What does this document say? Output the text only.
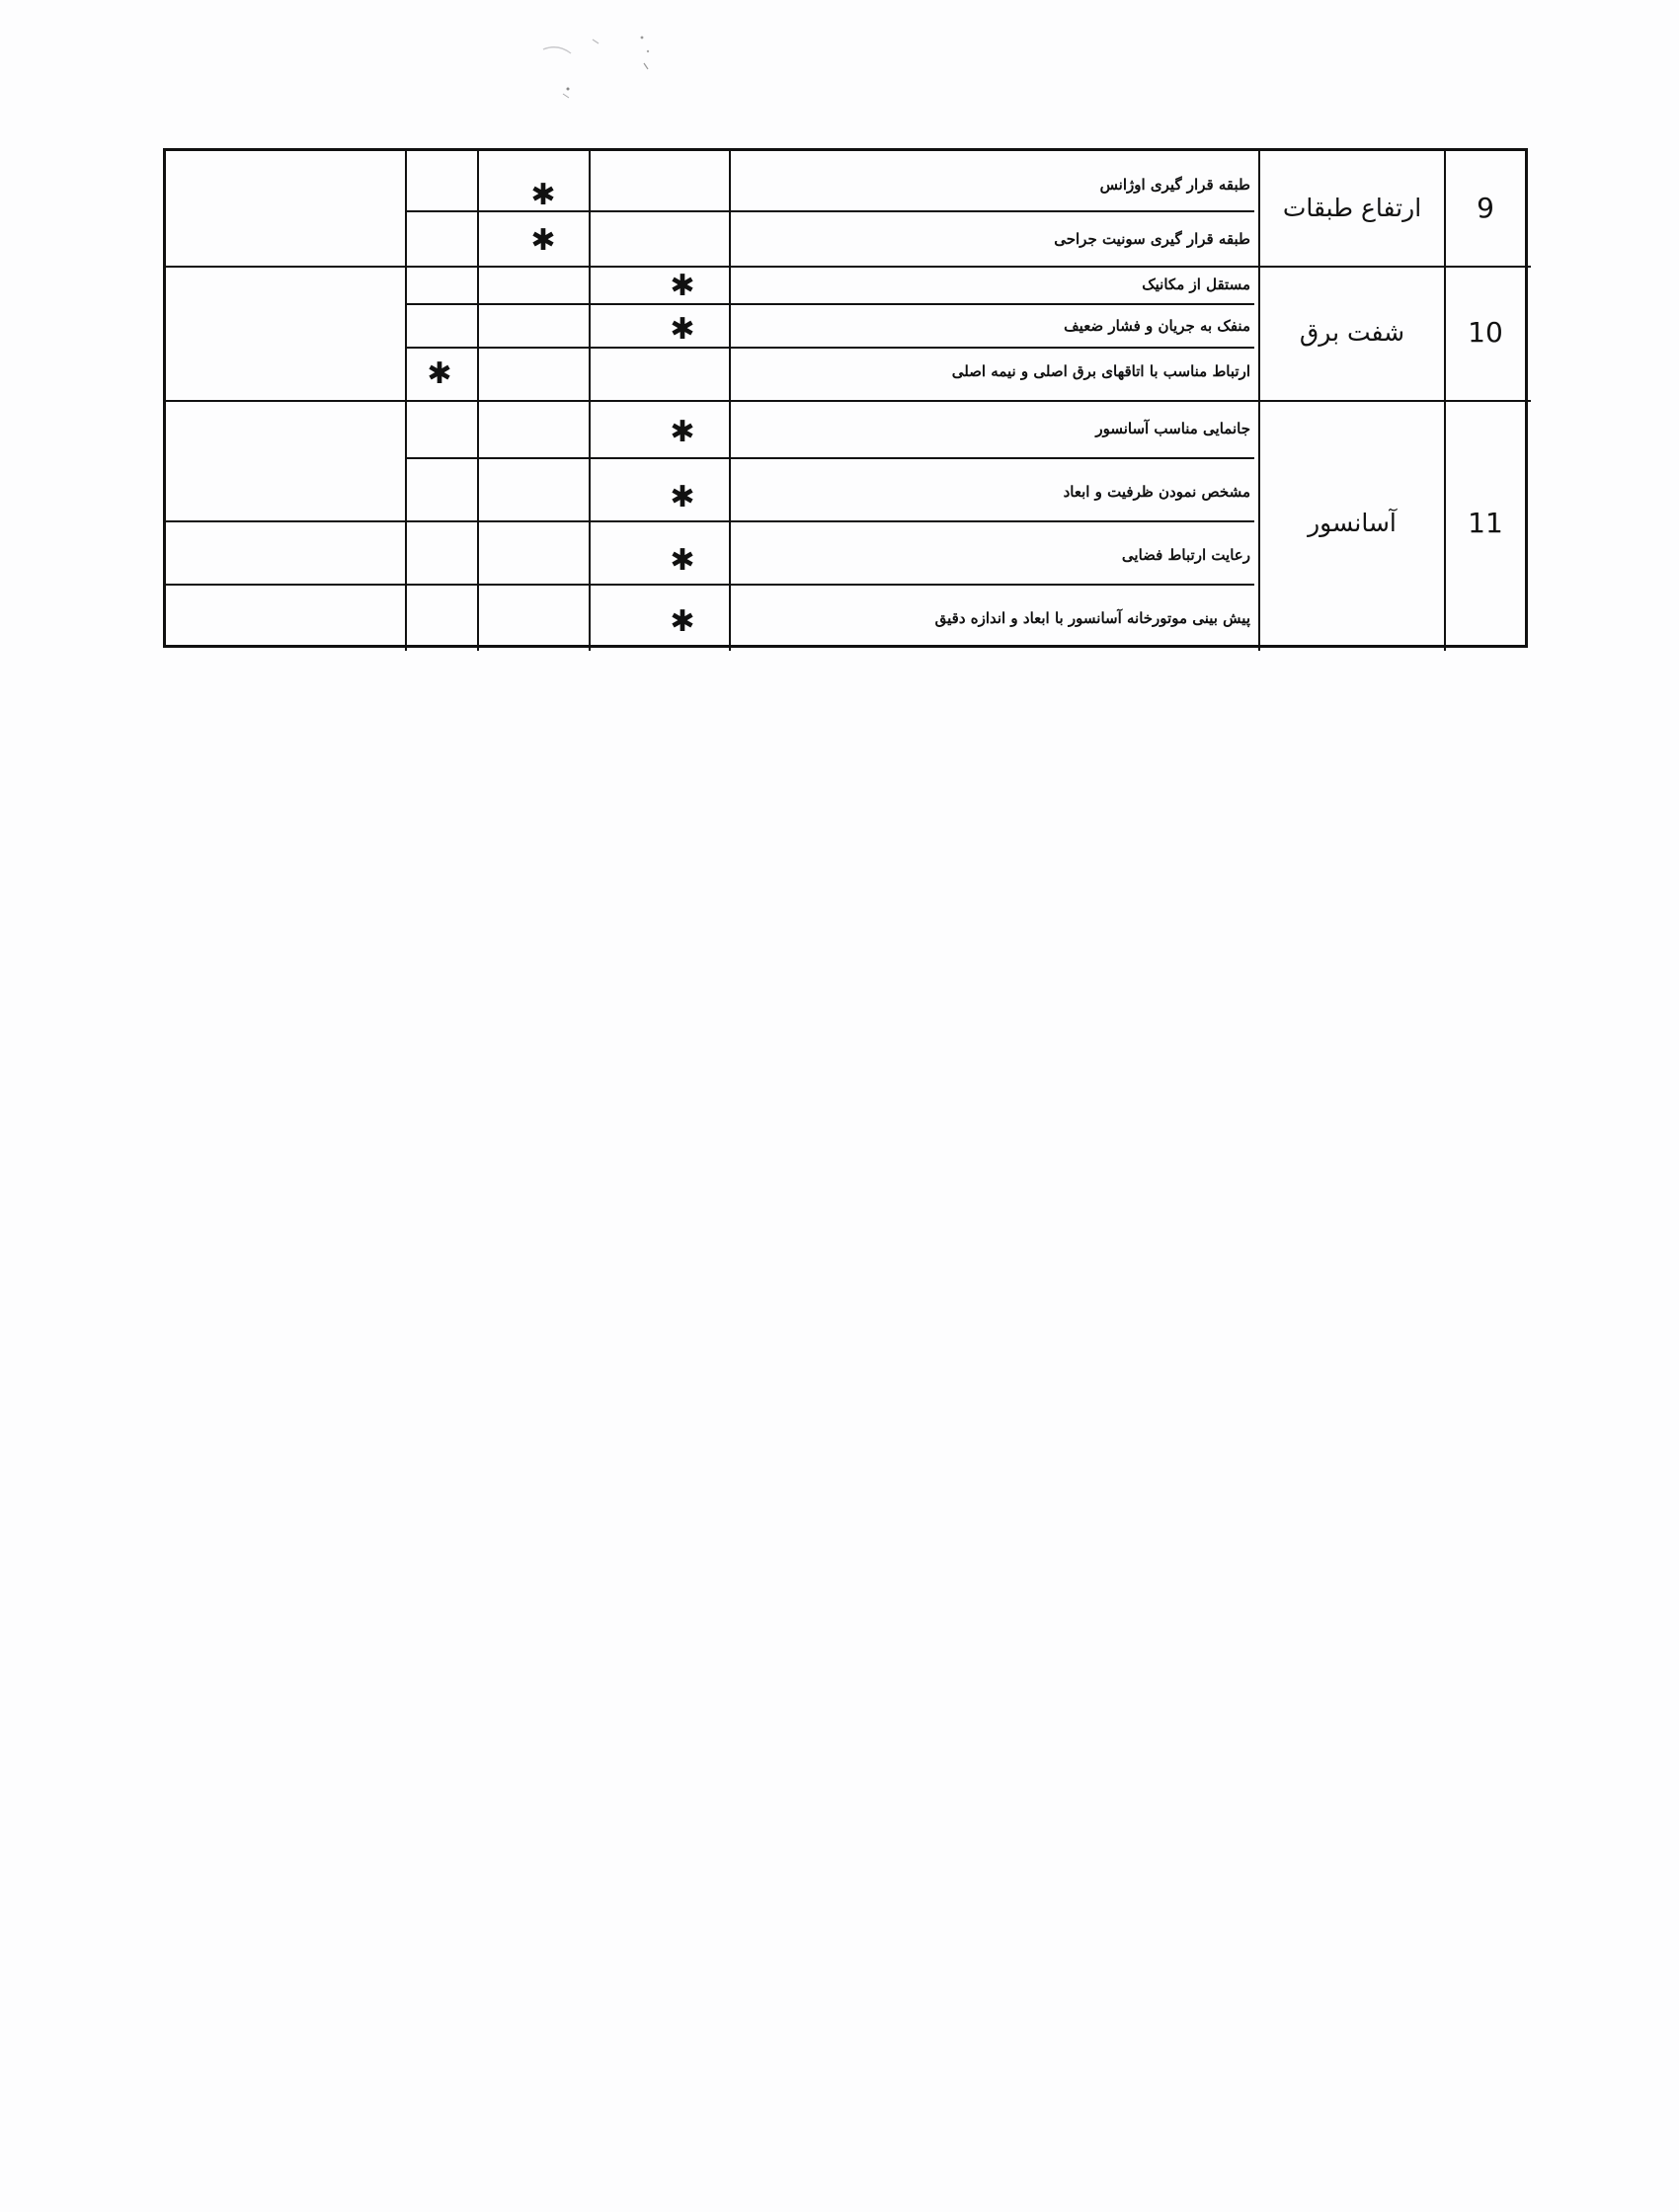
9
ارتفاع طبقات
طبقه قرار گیری اوژانس
طبقه قرار گیری سونیت جراحی
✱
✱
10
شفت برق
مستقل از مکانیک
منفک به جریان و فشار ضعیف
ارتباط مناسب با اتاقهای برق اصلی و نیمه اصلی
✱
✱
✱
11
آسانسور
جانمایی مناسب آسانسور
مشخص نمودن ظرفیت و ابعاد
رعایت ارتباط فضایی
پیش بینی موتورخانه آسانسور با ابعاد و اندازه دقیق
✱
✱
✱
✱
